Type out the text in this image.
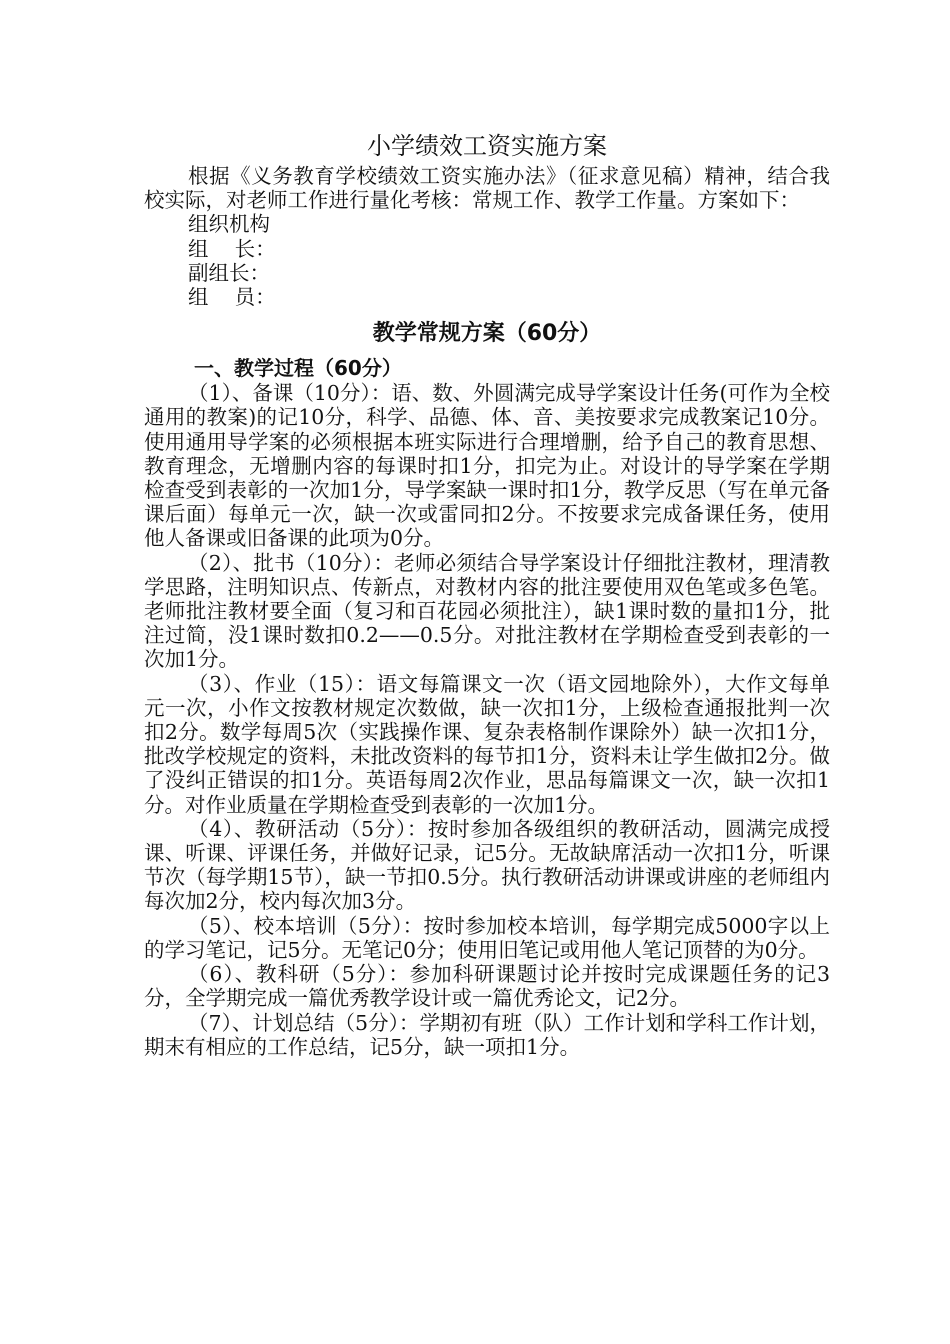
小学绩效工资实施方案

根据《义务教育学校绩效工资实施办法》（征求意见稿）精神，结合我校实际，对老师工作进行量化考核：常规工作、教学工作量。方案如下：

组织机构

组    长：

副组长：

组    员：

教学常规方案（60分）
一、教学过程（60分）

（1）、备课（10分）：语、数、外圆满完成导学案设计任务(可作为全校通用的教案)的记10分，科学、品德、体、音、美按要求完成教案记10分。使用通用导学案的必须根据本班实际进行合理增删，给予自己的教育思想、教育理念，无增删内容的每课时扣1分，扣完为止。对设计的导学案在学期检查受到表彰的一次加1分，导学案缺一课时扣1分，教学反思（写在单元备课后面）每单元一次，缺一次或雷同扣2分。不按要求完成备课任务，使用他人备课或旧备课的此项为0分。

（2）、批书（10分）：老师必须结合导学案设计仔细批注教材，理清教学思路，注明知识点、传新点，对教材内容的批注要使用双色笔或多色笔。老师批注教材要全面（复习和百花园必须批注），缺1课时数的量扣1分，批注过简，没1课时数扣0.2——0.5分。对批注教材在学期检查受到表彰的一次加1分。

（3）、作业（15）：语文每篇课文一次（语文园地除外），大作文每单元一次，小作文按教材规定次数做，缺一次扣1分，上级检查通报批判一次扣2分。数学每周5次（实践操作课、复杂表格制作课除外）缺一次扣1分，批改学校规定的资料，未批改资料的每节扣1分，资料未让学生做扣2分。做了没纠正错误的扣1分。英语每周2次作业，思品每篇课文一次，缺一次扣1分。对作业质量在学期检查受到表彰的一次加1分。

（4）、教研活动（5分）：按时参加各级组织的教研活动，圆满完成授课、听课、评课任务，并做好记录，记5分。无故缺席活动一次扣1分，听课节次（每学期15节），缺一节扣0.5分。执行教研活动讲课或讲座的老师组内每次加2分，校内每次加3分。

（5）、校本培训（5分）：按时参加校本培训，每学期完成5000字以上的学习笔记，记5分。无笔记0分；使用旧笔记或用他人笔记顶替的为0分。

（6）、教科研（5分）：参加科研课题讨论并按时完成课题任务的记3分，全学期完成一篇优秀教学设计或一篇优秀论文，记2分。

（7）、计划总结（5分）：学期初有班（队）工作计划和学科工作计划，期末有相应的工作总结，记5分，缺一项扣1分。
